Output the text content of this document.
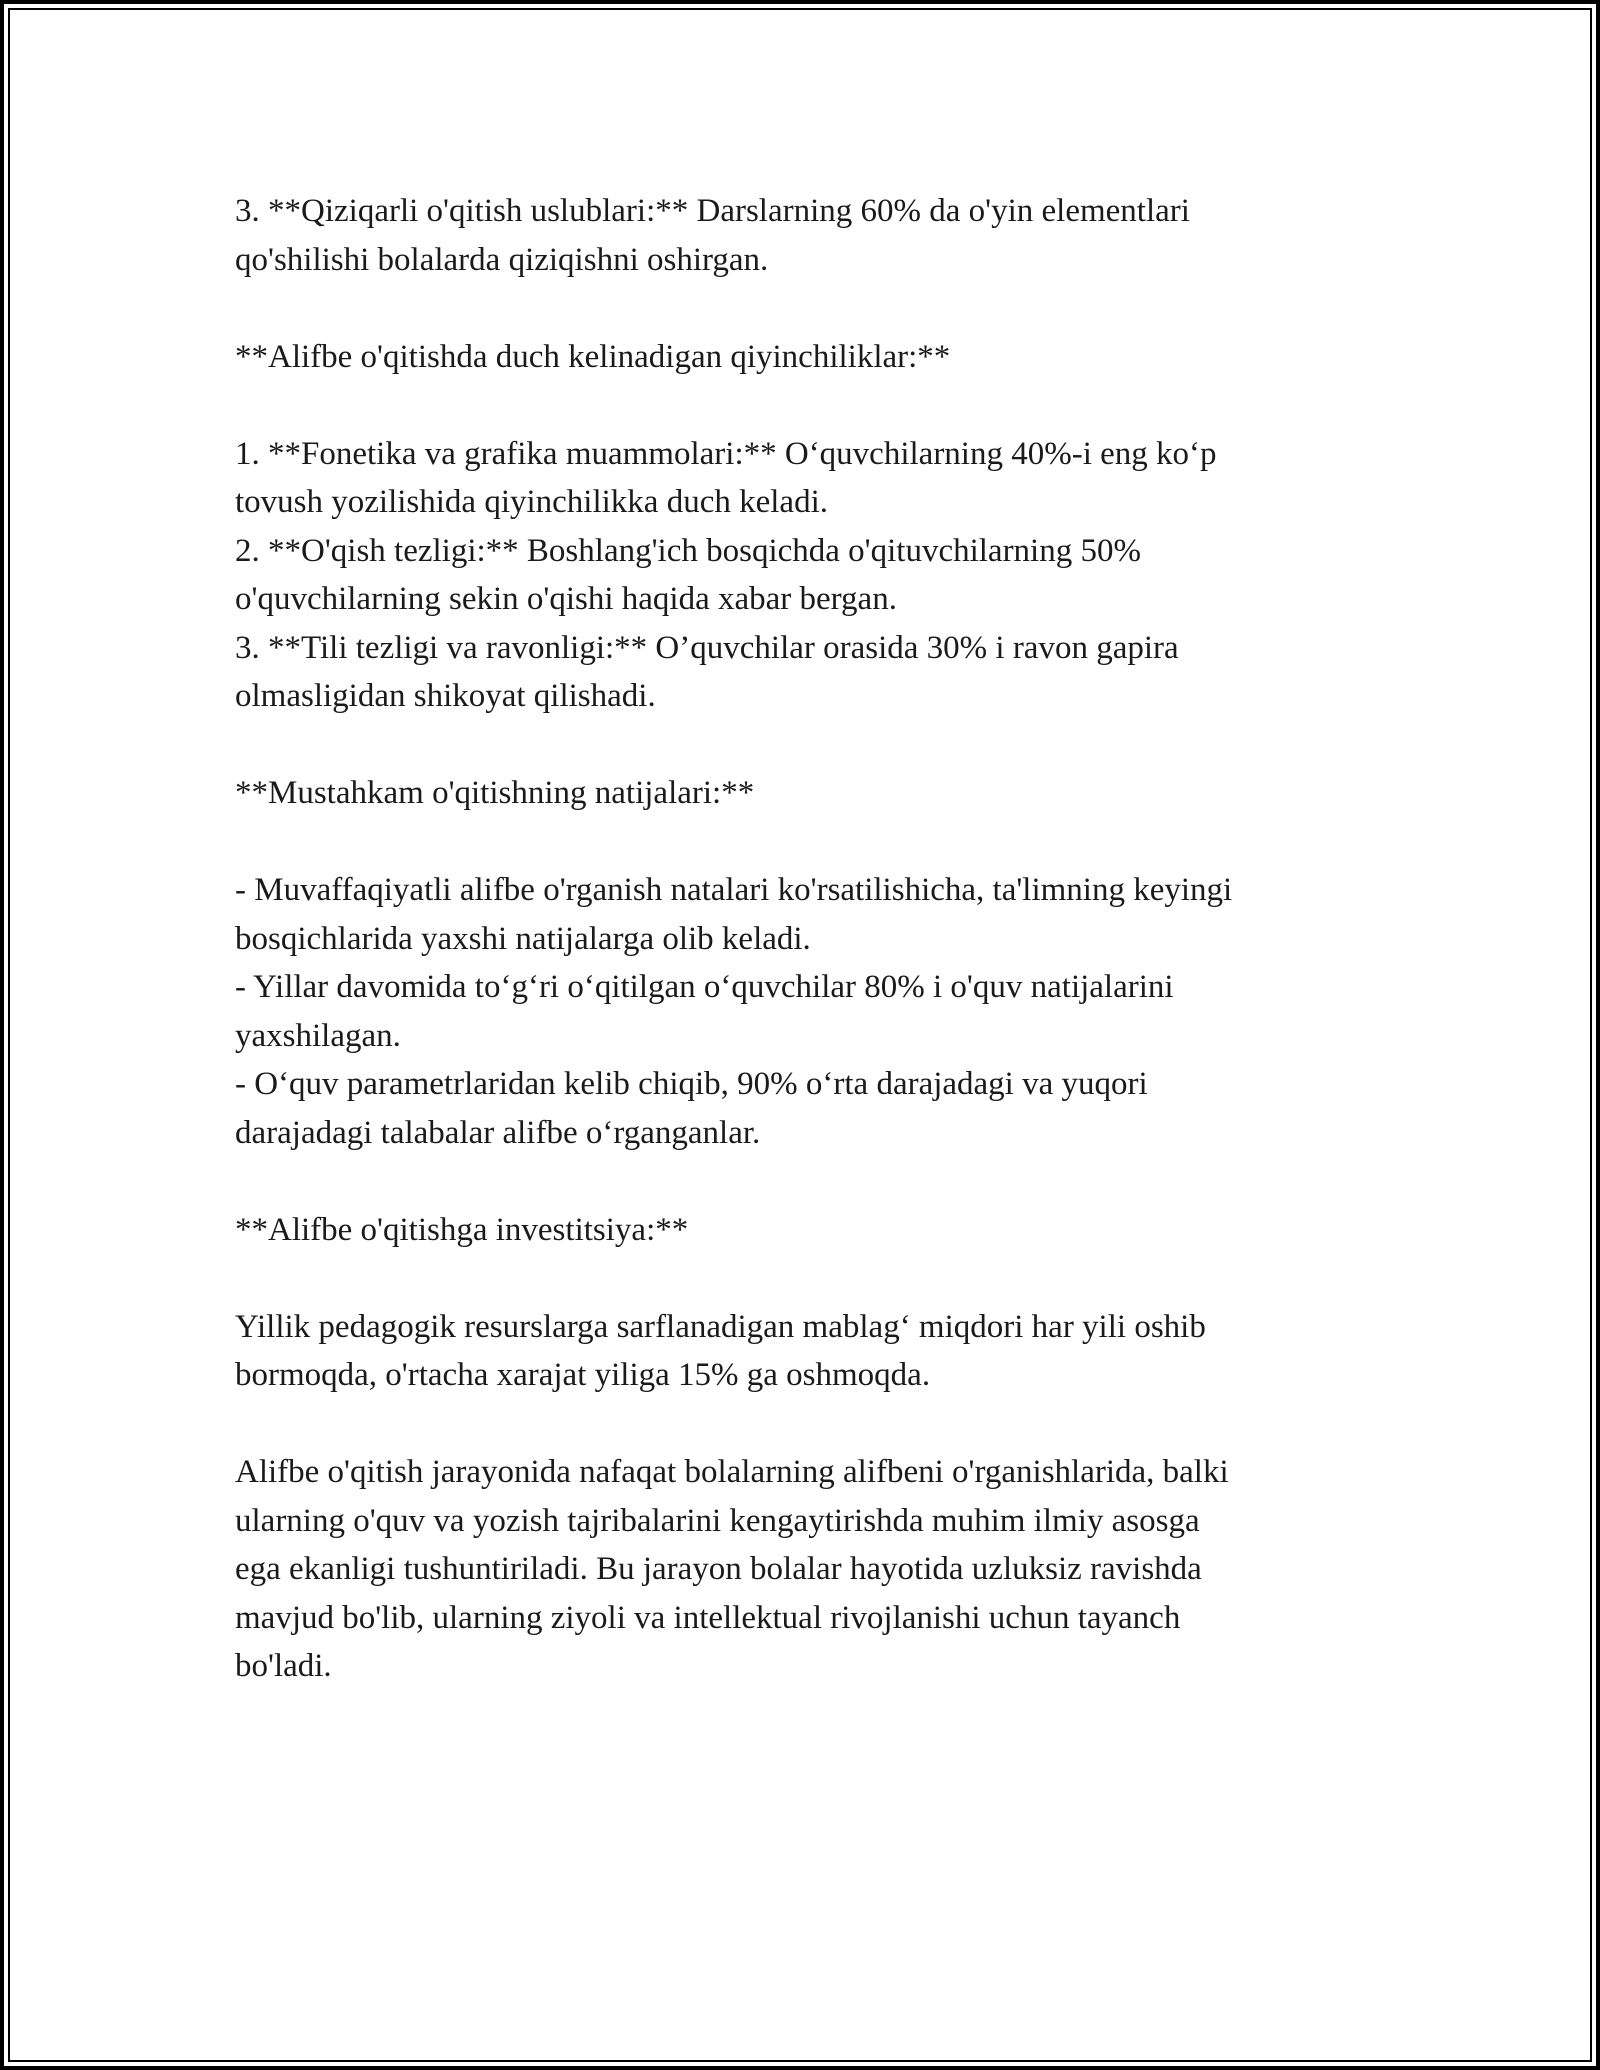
3. **Qiziqarli o'qitish uslublari:** Darslarning 60% da o'yin elementlari

qo'shilishi bolalarda qiziqishni oshirgan.

**Alifbe o'qitishda duch kelinadigan qiyinchiliklar:**

1. **Fonetika va grafika muammolari:** Oʻquvchilarning 40%-i eng koʻp

tovush yozilishida qiyinchilikka duch keladi.

2. **O'qish tezligi:** Boshlang'ich bosqichda o'qituvchilarning 50%

o'quvchilarning sekin o'qishi haqida xabar bergan.

3. **Tili tezligi va ravonligi:** O’quvchilar orasida 30% i ravon gapira

olmasligidan shikoyat qilishadi.

**Mustahkam o'qitishning natijalari:**

- Muvaffaqiyatli alifbe o'rganish natalari ko'rsatilishicha, ta'limning keyingi

bosqichlarida yaxshi natijalarga olib keladi.

- Yillar davomida toʻgʻri oʻqitilgan oʻquvchilar 80% i o'quv natijalarini

yaxshilagan.

- Oʻquv parametrlaridan kelib chiqib, 90% oʻrta darajadagi va yuqori

darajadagi talabalar alifbe oʻrganganlar.

**Alifbe o'qitishga investitsiya:**

Yillik pedagogik resurslarga sarflanadigan mablagʻ miqdori har yili oshib

bormoqda, o'rtacha xarajat yiliga 15% ga oshmoqda.

Alifbe o'qitish jarayonida nafaqat bolalarning alifbeni o'rganishlarida, balki

ularning o'quv va yozish tajribalarini kengaytirishda muhim ilmiy asosga

ega ekanligi tushuntiriladi. Bu jarayon bolalar hayotida uzluksiz ravishda

mavjud bo'lib, ularning ziyoli va intellektual rivojlanishi uchun tayanch

bo'ladi.
